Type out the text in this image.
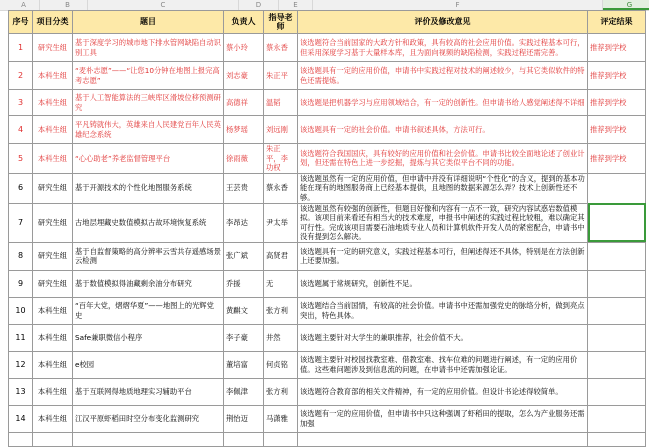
A	B	C	D	E	F	G
序号	项目分类	题目	负责人	指导老师	评价及修改意见	评定结果
1	研究生组	基于深度学习的城市地下排水管网缺陷自动识别工具	蔡小玲	蔡永香	该选题符合当前国家的大政方针和政策，具有较高的社会应用价值。实践过程基本可行，但采用深度学习基于大量样本库，且为面向视频的缺陷检测，实践过程还需完善。	推荐到学校
2	本科生组	“麦朴志愿”——“让您10分钟在地图上报完高考志愿”	刘志豪	朱正平	该选题具有一定的应用价值，申请书中实践过程对技术的阐述较少，与其它类似软件的特色还需提炼。	推荐到学校
3	本科生组	基于人工智能算法的三峡库区滑坡位移预测研究	高德祥	温韬	该选题是把机器学习与应用领域结合，有一定的创新性。但申请书给人感觉阐述得不详细	推荐到学校
4	本科生组	平凡铸就伟大，英雄来自人民建党百年人民英雄纪念系统	杨梦瑶	刘远刚	该选题具有一定的社会价值。申请书叙述具体，方法可行。	推荐到学校
5	本科生组	“心心助老”养老监督管理平台	徐雨薇	朱正平，李功权	该选题符合我国国庆，具有较好的应用价值和社会价值。申请书比较全面地论述了创业计划，但还需在特色上进一步挖掘，提炼与其它类似平台不同的功能。	推荐到学校
6	研究生组	基于开源技术的个性化地图服务系统	王芸贵	蔡永香	该选题虽然有一定的应用价值，但申请中并没有详细说明“个性化”的含义，提到的基本功能在现有的地图服务商上已经基本提供，且地图的数据来源怎么弄？技术上创新性还不够。	
7	研究生组	古地层埋藏史数值模拟古故环境恢复系统	李昂达	尹太举	该选题虽然有较强的创新性，但题目好像和内容有一点不一致，研究内容试惑岩数值模拟。该项目前来看还有相当大的技术难度，申报书中阐述的实践过程比较粗，难以确定其可行性。完成该项目需要石油地质专业人员和计算机软件开发人员的紧密配合，申请书中没有提到怎么解决。	
8	研究生组	基于自监督策略的高分辨率云雪共存遥感场景云检测	张广斌	高贤君	该选题具有一定的研究意义，实践过程基本可行，但阐述得还不具体，特别是在方法创新上还要加强。	
9	研究生组	基于数值模拟得油藏剩余油分布研究	乔援	无	该选题属于常规研究，创新性不足。	
10	本科生组	“百年大党，熠熠华夏”——地图上的光辉党史	黄麒文	张方利	该选题结合当前国情，有较高的社会价值。申请书中还需加强党史的脉络分析，做到亮点突出，特色具体。	
11	本科生组	Safe兼职微信小程序	李子豪	井然	该选题主要针对大学生的兼职推荐，社会价值不大。	
12	本科生组	e校园	董培富	何贞铭	该选题主要针对校园找教室难、借教室难、找车位难的问题进行阐述，有一定的应用价值。这些难问题涉及到信息流的问题，在申请书中还需加强论证。	
13	本科生组	基于互联网得地质地理实习辅助平台	李佩津	张方利	该选题符合教育部的相关文件精神，有一定的应用价值。但设计书论述得较简单。	
14	本科生组	江汉平原虾稻田时空分布变化监测研究	荆怡迈	马潇雅	该选题有一定的应用价值，但申请书中只这种强调了虾稻田的提取，怎么为产业服务还需加强	
